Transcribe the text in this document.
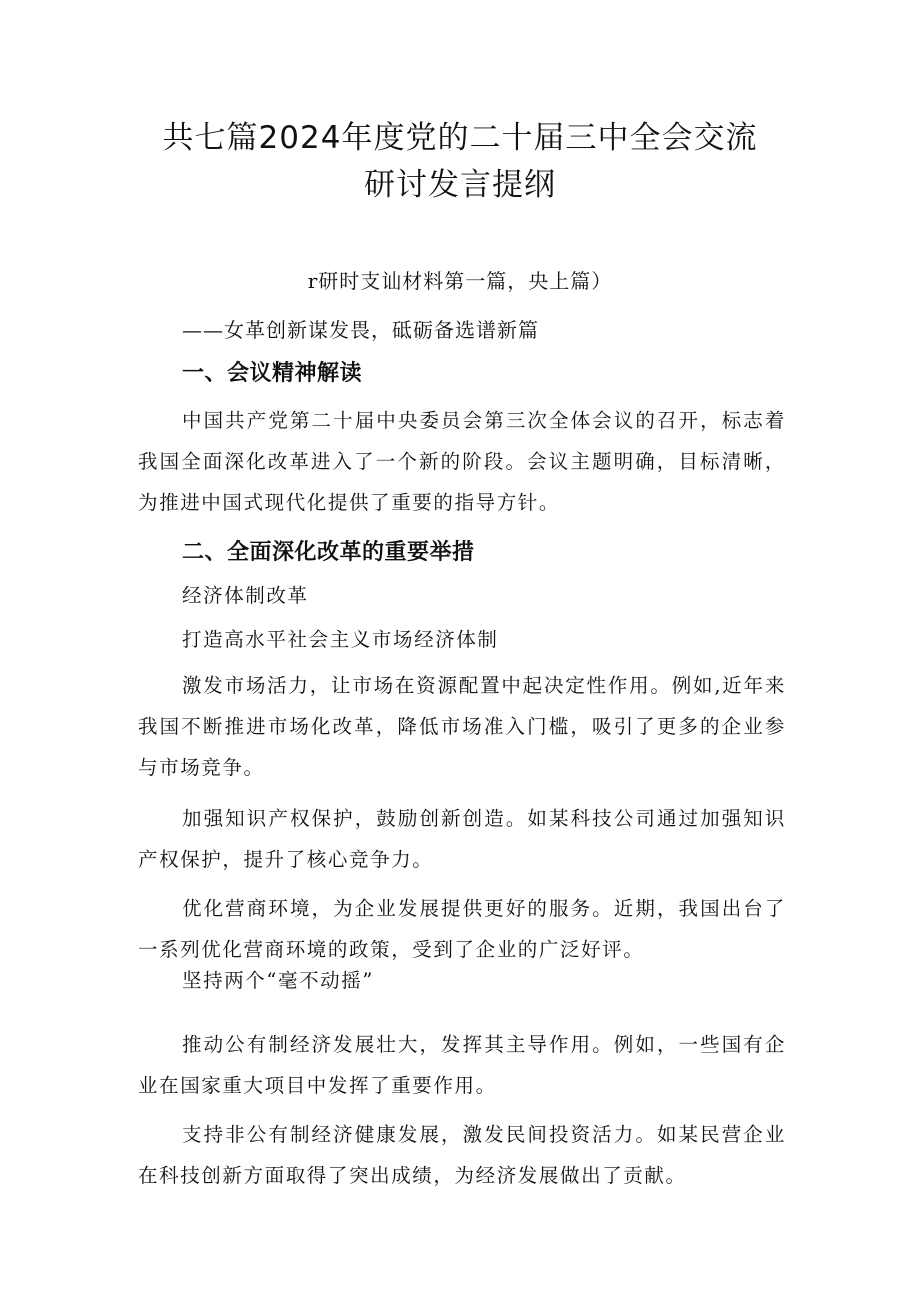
共七篇2024年度党的二十届三中全会交流
研讨发言提纲
r研时支讪材料第一篇，央上篇）
——女革创新谋发畏，砥砺备选谱新篇
一、会议精神解读

中国共产党第二十届中央委员会第三次全体会议的召开，标志着我国全面深化改革进入了一个新的阶段。会议主题明确，目标清晰，为推进中国式现代化提供了重要的指导方针。

二、全面深化改革的重要举措
经济体制改革
打造高水平社会主义市场经济体制

激发市场活力，让市场在资源配置中起决定性作用。例如,近年来我国不断推进市场化改革，降低市场准入门槛，吸引了更多的企业参与市场竞争。

加强知识产权保护，鼓励创新创造。如某科技公司通过加强知识产权保护，提升了核心竞争力。

优化营商环境，为企业发展提供更好的服务。近期，我国出台了一系列优化营商环境的政策，受到了企业的广泛好评。

坚持两个“毫不动摇”

推动公有制经济发展壮大，发挥其主导作用。例如，一些国有企业在国家重大项目中发挥了重要作用。

支持非公有制经济健康发展，激发民间投资活力。如某民营企业在科技创新方面取得了突出成绩，为经济发展做出了贡献。
